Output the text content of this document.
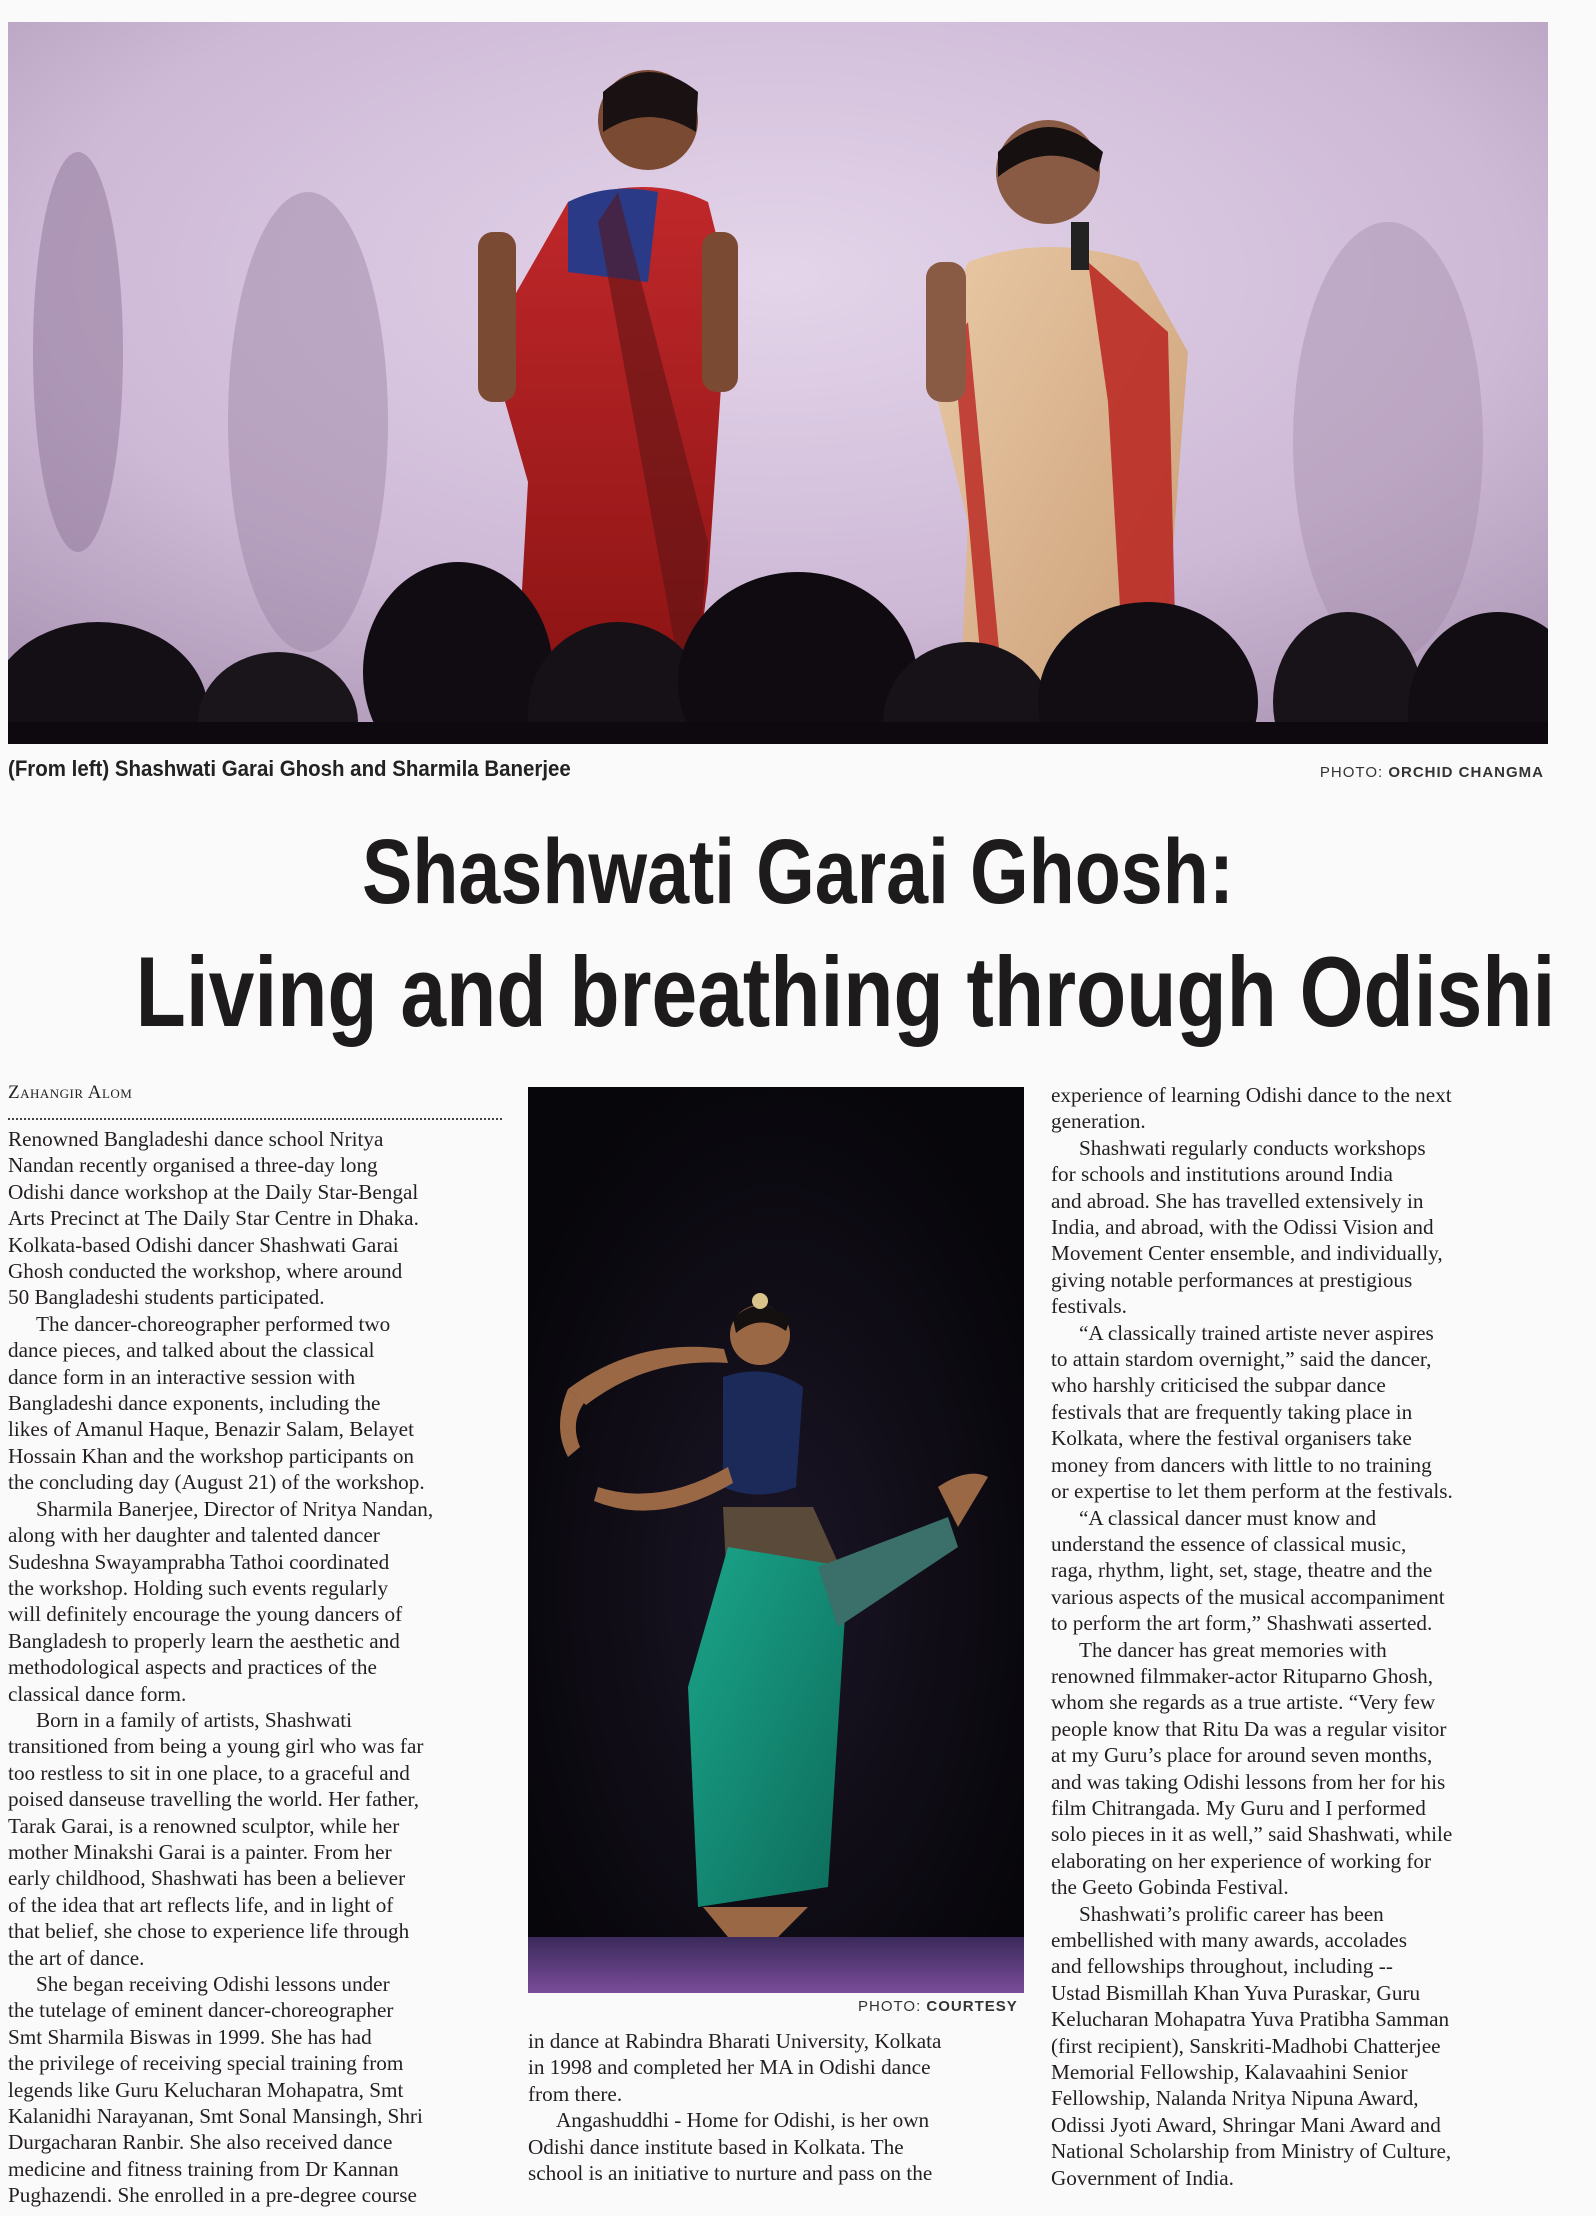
(From left) Shashwati Garai Ghosh and Sharmila Banerjee	PHOTO: ORCHID CHANGMA
Shashwati Garai Ghosh:
Living and breathing through Odishi
Zahangir Alom

Renowned Bangladeshi dance school Nritya

Nandan recently organised a three-day long

Odishi dance workshop at the Daily Star-Bengal

Arts Precinct at The Daily Star Centre in Dhaka.

Kolkata-based Odishi dancer Shashwati Garai

Ghosh conducted the workshop, where around

50 Bangladeshi students participated.

The dancer-choreographer performed two

dance pieces, and talked about the classical

dance form in an interactive session with

Bangladeshi dance exponents, including the

likes of Amanul Haque, Benazir Salam, Belayet

Hossain Khan and the workshop participants on

the concluding day (August 21) of the workshop.

Sharmila Banerjee, Director of Nritya Nandan,

along with her daughter and talented dancer

Sudeshna Swayamprabha Tathoi coordinated

the workshop. Holding such events regularly

will definitely encourage the young dancers of

Bangladesh to properly learn the aesthetic and

methodological aspects and practices of the

classical dance form.

Born in a family of artists, Shashwati

transitioned from being a young girl who was far

too restless to sit in one place, to a graceful and

poised danseuse travelling the world. Her father,

Tarak Garai, is a renowned sculptor, while her

mother Minakshi Garai is a painter. From her

early childhood, Shashwati has been a believer

of the idea that art reflects life, and in light of

that belief, she chose to experience life through

the art of dance.

She began receiving Odishi lessons under

the tutelage of eminent dancer-choreographer

Smt Sharmila Biswas in 1999. She has had

the privilege of receiving special training from

legends like Guru Kelucharan Mohapatra, Smt

Kalanidhi Narayanan, Smt Sonal Mansingh, Shri

Durgacharan Ranbir. She also received dance

medicine and fitness training from Dr Kannan

Pughazendi. She enrolled in a pre-degree course

PHOTO: COURTESY

in dance at Rabindra Bharati University, Kolkata

in 1998 and completed her MA in Odishi dance

from there.

Angashuddhi - Home for Odishi, is her own

Odishi dance institute based in Kolkata. The

school is an initiative to nurture and pass on the

experience of learning Odishi dance to the next

generation.

Shashwati regularly conducts workshops

for schools and institutions around India

and abroad. She has travelled extensively in

India, and abroad, with the Odissi Vision and

Movement Center ensemble, and individually,

giving notable performances at prestigious

festivals.

“A classically trained artiste never aspires

to attain stardom overnight,” said the dancer,

who harshly criticised the subpar dance

festivals that are frequently taking place in

Kolkata, where the festival organisers take

money from dancers with little to no training

or expertise to let them perform at the festivals.

“A classical dancer must know and

understand the essence of classical music,

raga, rhythm, light, set, stage, theatre and the

various aspects of the musical accompaniment

to perform the art form,” Shashwati asserted.

The dancer has great memories with

renowned filmmaker-actor Rituparno Ghosh,

whom she regards as a true artiste. “Very few

people know that Ritu Da was a regular visitor

at my Guru’s place for around seven months,

and was taking Odishi lessons from her for his

film Chitrangada. My Guru and I performed

solo pieces in it as well,” said Shashwati, while

elaborating on her experience of working for

the Geeto Gobinda Festival.

Shashwati’s prolific career has been

embellished with many awards, accolades

and fellowships throughout, including --

Ustad Bismillah Khan Yuva Puraskar, Guru

Kelucharan Mohapatra Yuva Pratibha Samman

(first recipient), Sanskriti-Madhobi Chatterjee

Memorial Fellowship, Kalavaahini Senior

Fellowship, Nalanda Nritya Nipuna Award,

Odissi Jyoti Award, Shringar Mani Award and

National Scholarship from Ministry of Culture,

Government of India.
